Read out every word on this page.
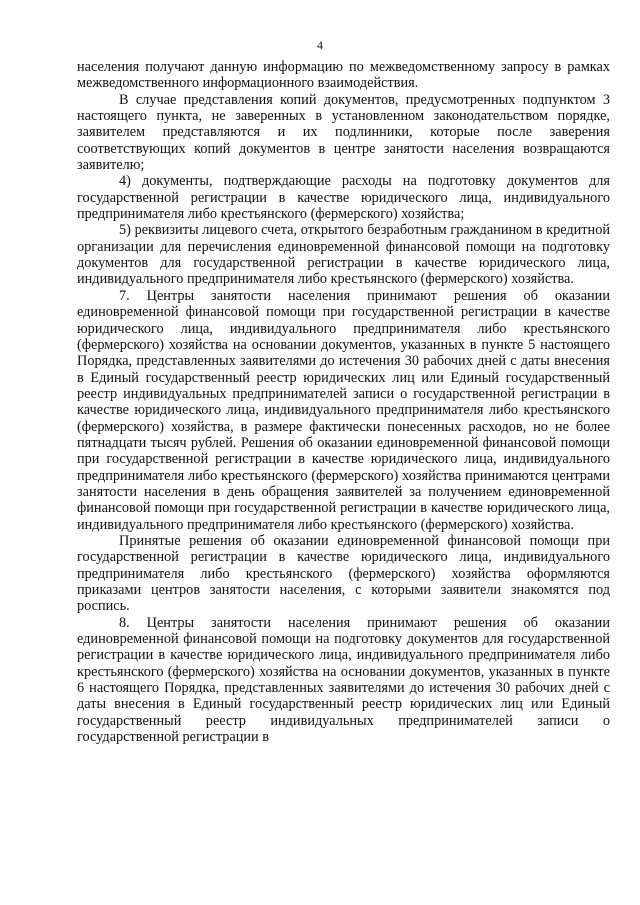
4

населения получают данную информацию по межведомственному запросу в рамках межведомственного информационного взаимодействия.

В случае представления копий документов, предусмотренных подпунктом 3 настоящего пункта, не заверенных в установленном законодательством порядке, заявителем представляются и их подлинники, которые после заверения соответствующих копий документов в центре занятости населения возвращаются заявителю;

4) документы, подтверждающие расходы на подготовку документов для государственной регистрации в качестве юридического лица, индивидуального предпринимателя либо крестьянского (фермерского) хозяйства;

5) реквизиты лицевого счета, открытого безработным гражданином в кредитной организации для перечисления единовременной финансовой помощи на подготовку документов для государственной регистрации в качестве юридического лица, индивидуального предпринимателя либо крестьянского (фермерского) хозяйства.

7. Центры занятости населения принимают решения об оказании единовременной финансовой помощи при государственной регистрации в качестве юридического лица, индивидуального предпринимателя либо крестьянского (фермерского) хозяйства на основании документов, указанных в пункте 5 настоящего Порядка, представленных заявителями до истечения 30 рабочих дней с даты внесения в Единый государственный реестр юридических лиц или Единый государственный реестр индивидуальных предпринимателей записи о государственной регистрации в качестве юридического лица, индивидуального предпринимателя либо крестьянского (фермерского) хозяйства, в размере фактически понесенных расходов, но не более пятнадцати тысяч рублей. Решения об оказании единовременной финансовой помощи при государственной регистрации в качестве юридического лица, индивидуального предпринимателя либо крестьянского (фермерского) хозяйства принимаются центрами занятости населения в день обращения заявителей за получением единовременной финансовой помощи при государственной регистрации в качестве юридического лица, индивидуального предпринимателя либо крестьянского (фермерского) хозяйства.

Принятые решения об оказании единовременной финансовой помощи при государственной регистрации в качестве юридического лица, индивидуального предпринимателя либо крестьянского (фермерского) хозяйства оформляются приказами центров занятости населения, с которыми заявители знакомятся под роспись.

8. Центры занятости населения принимают решения об оказании единовременной финансовой помощи на подготовку документов для государственной регистрации в качестве юридического лица, индивидуального предпринимателя либо крестьянского (фермерского) хозяйства на основании документов, указанных в пункте 6 настоящего Порядка, представленных заявителями до истечения 30 рабочих дней с даты внесения в Единый государственный реестр юридических лиц или Единый государственный реестр индивидуальных предпринимателей записи о государственной регистрации в
